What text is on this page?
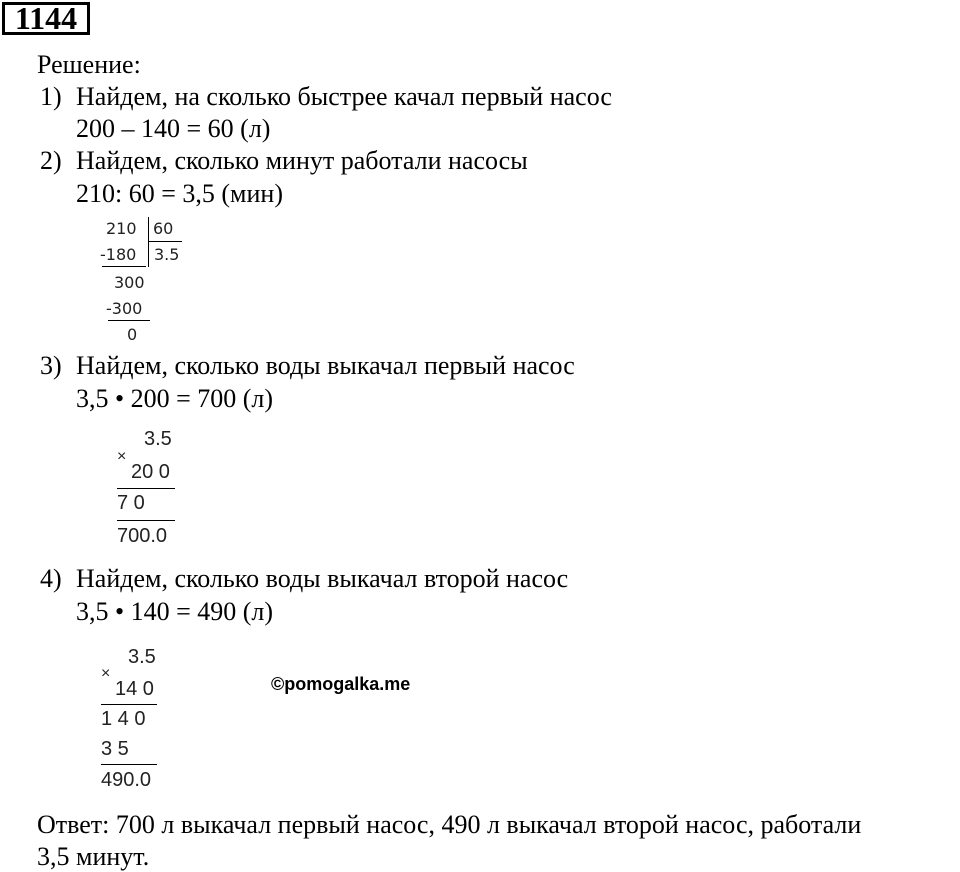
1144
Решение:
1) Найдем, на сколько быстрее качал первый насос
200 – 140 = 60 (л)
2) Найдем, сколько минут работали насосы
210: 60 = 3,5 (мин)
210 60
-180 3.5
300
-300
0
3) Найдем, сколько воды выкачал первый насос
3,5 • 200 = 700 (л)
×
3.5
20 0
7 0
700.0
4) Найдем, сколько воды выкачал второй насос
3,5 • 140 = 490 (л)
×
3.5
14 0
1 4 0
3 5
490.0
©pomogalka.me
Ответ: 700 л выкачал первый насос, 490 л выкачал второй насос, работали
3,5 минут.
